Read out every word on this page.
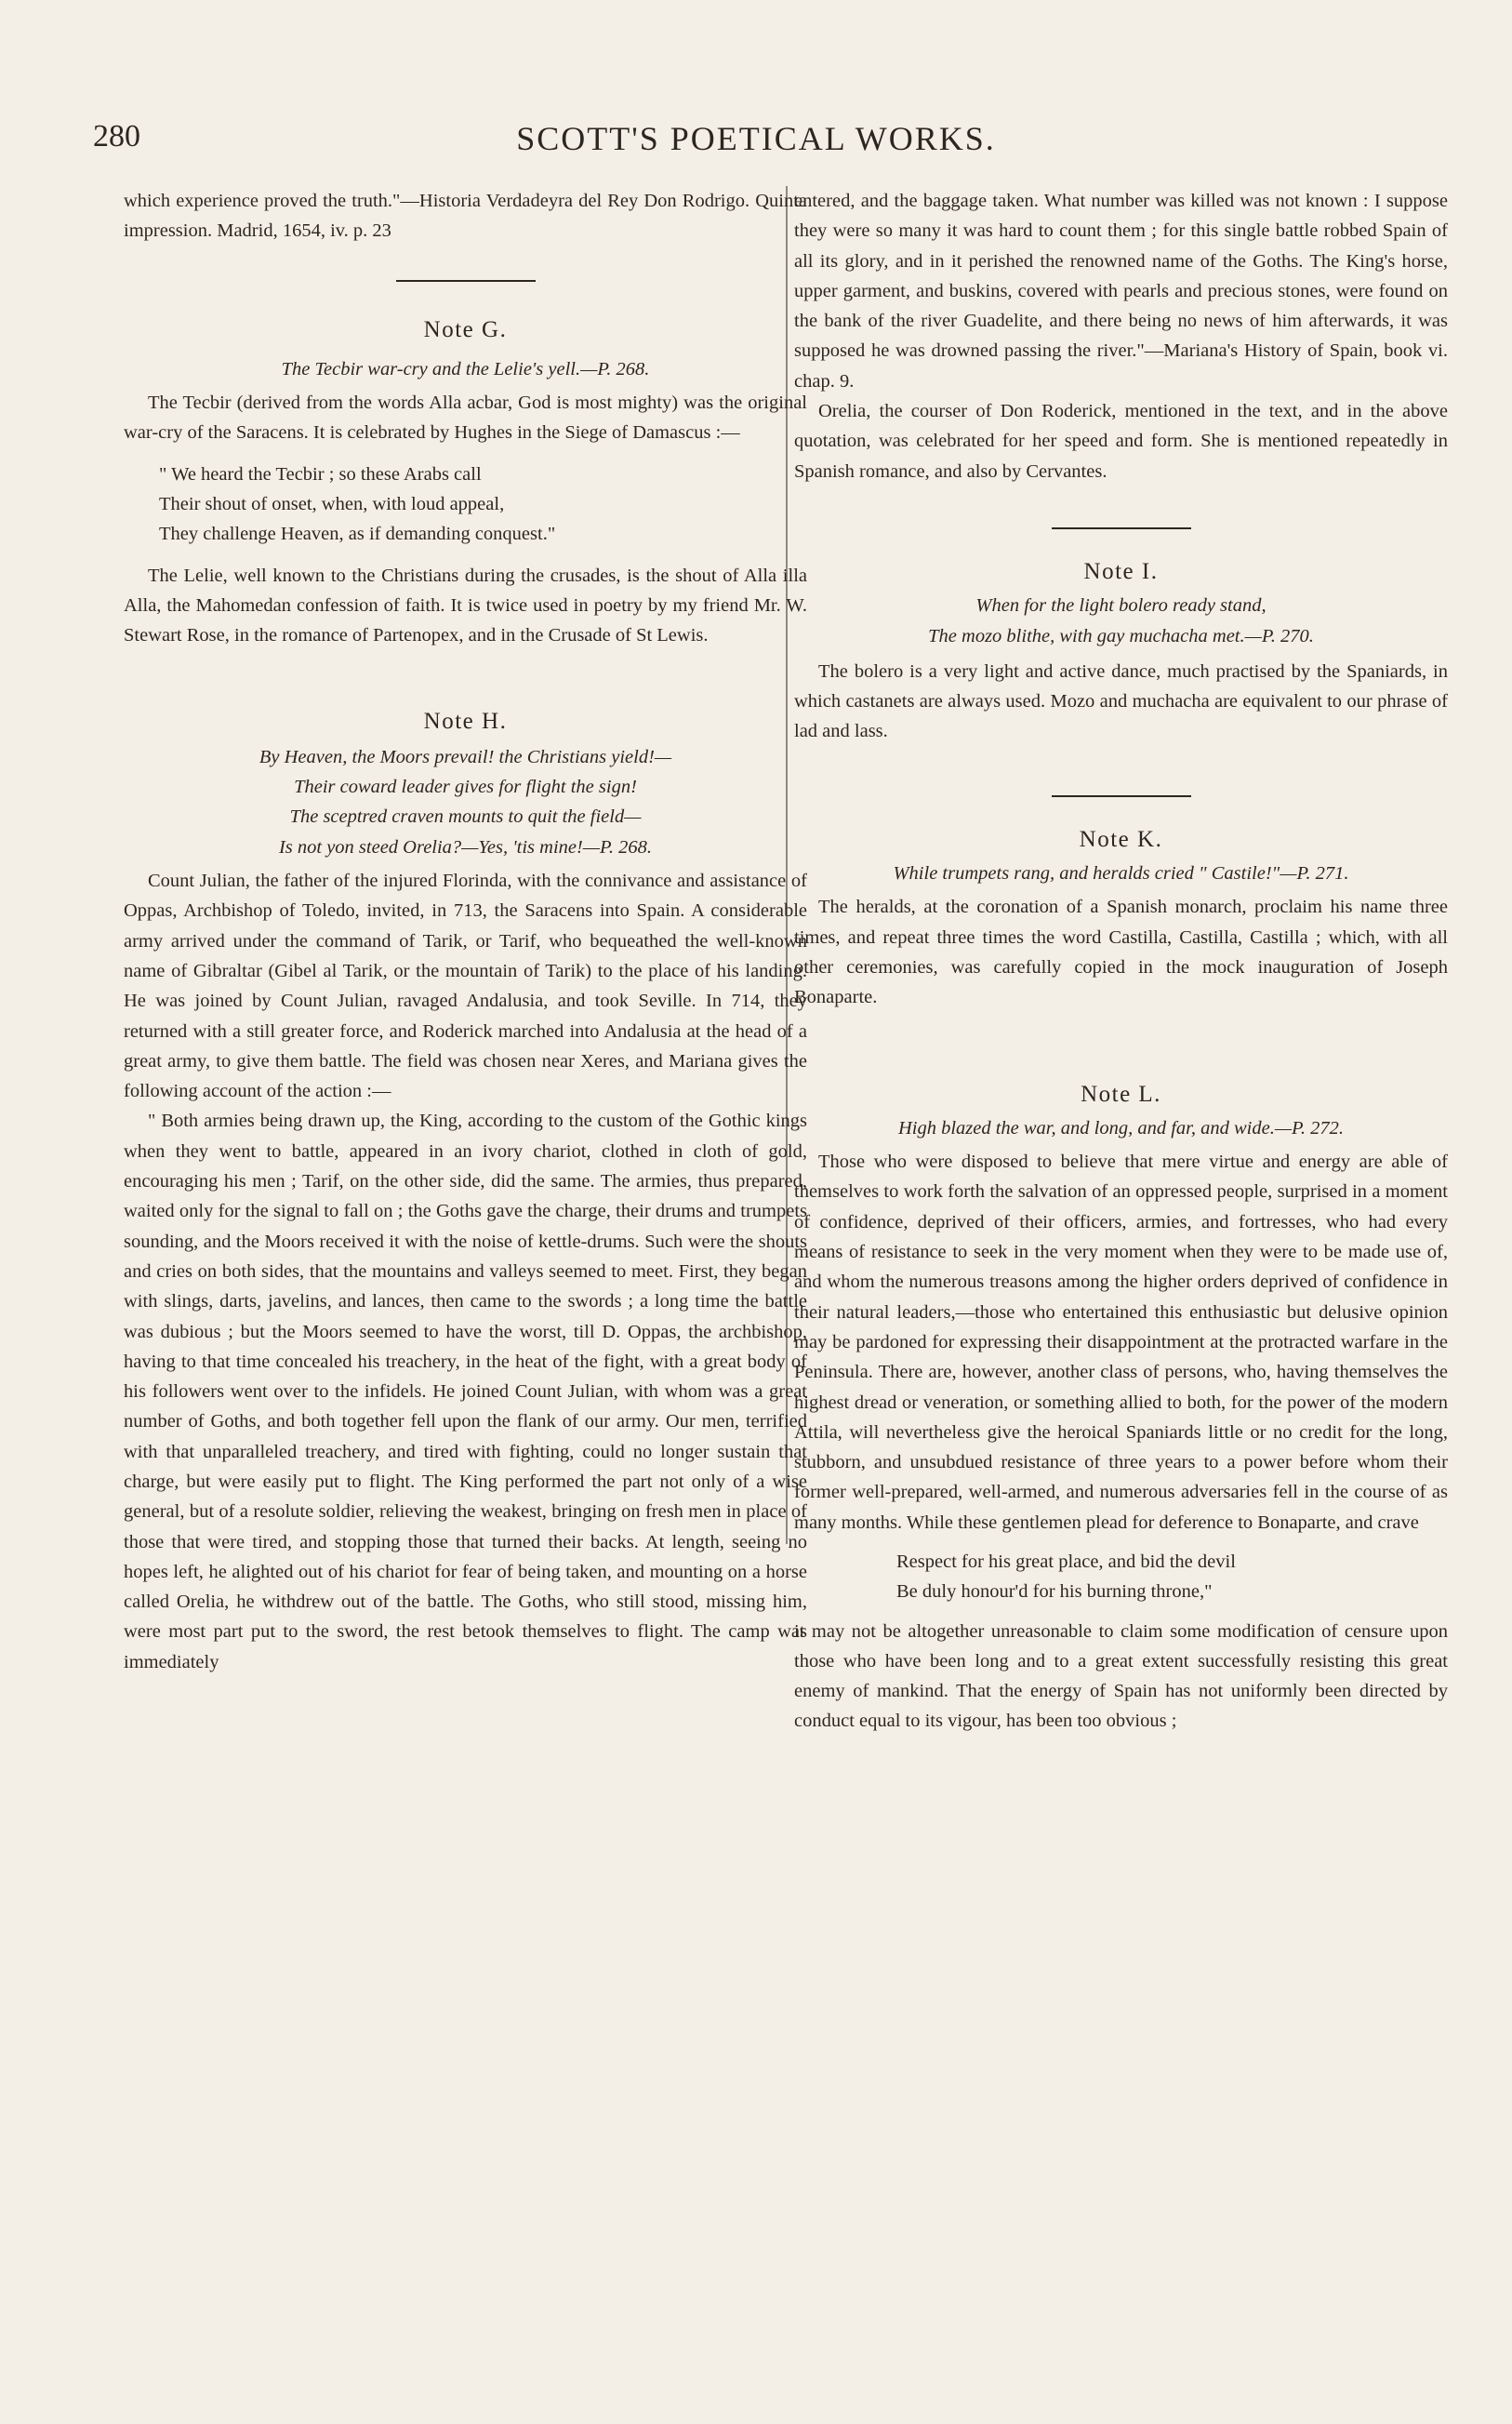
280	SCOTT'S POETICAL WORKS.

which experience proved the truth."—Historia Verdadeyra del Rey Don Rodrigo. Quinta impression. Madrid, 1654, iv. p. 23

Note G.

The Tecbir war-cry and the Lelie's yell.—P. 268.

The Tecbir (derived from the words Alla acbar, God is most mighty) was the original war-cry of the Saracens. It is celebrated by Hughes in the Siege of Damascus :—

" We heard the Tecbir ; so these Arabs call
Their shout of onset, when, with loud appeal,
They challenge Heaven, as if demanding conquest."

The Lelie, well known to the Christians during the crusades, is the shout of Alla illa Alla, the Mahomedan confession of faith. It is twice used in poetry by my friend Mr. W. Stewart Rose, in the romance of Partenopex, and in the Crusade of St Lewis.

Note H.

By Heaven, the Moors prevail! the Christians yield!—
Their coward leader gives for flight the sign!
The sceptred craven mounts to quit the field—
Is not yon steed Orelia?—Yes, 'tis mine!—P. 268.

Count Julian, the father of the injured Florinda, with the connivance and assistance of Oppas, Archbishop of Toledo, invited, in 713, the Saracens into Spain. A considerable army arrived under the command of Tarik, or Tarif, who bequeathed the well-known name of Gibraltar (Gibel al Tarik, or the mountain of Tarik) to the place of his landing. He was joined by Count Julian, ravaged Andalusia, and took Seville. In 714, they returned with a still greater force, and Roderick marched into Andalusia at the head of a great army, to give them battle. The field was chosen near Xeres, and Mariana gives the following account of the action :—

" Both armies being drawn up, the King, according to the custom of the Gothic kings when they went to battle, appeared in an ivory chariot, clothed in cloth of gold, encouraging his men ; Tarif, on the other side, did the same. The armies, thus prepared, waited only for the signal to fall on ; the Goths gave the charge, their drums and trumpets sounding, and the Moors received it with the noise of kettle-drums. Such were the shouts and cries on both sides, that the mountains and valleys seemed to meet. First, they began with slings, darts, javelins, and lances, then came to the swords ; a long time the battle was dubious ; but the Moors seemed to have the worst, till D. Oppas, the archbishop, having to that time concealed his treachery, in the heat of the fight, with a great body of his followers went over to the infidels. He joined Count Julian, with whom was a great number of Goths, and both together fell upon the flank of our army. Our men, terrified with that unparalleled treachery, and tired with fighting, could no longer sustain that charge, but were easily put to flight. The King performed the part not only of a wise general, but of a resolute soldier, relieving the weakest, bringing on fresh men in place of those that were tired, and stopping those that turned their backs. At length, seeing no hopes left, he alighted out of his chariot for fear of being taken, and mounting on a horse called Orelia, he withdrew out of the battle. The Goths, who still stood, missing him, were most part put to the sword, the rest betook themselves to flight. The camp was immediately

entered, and the baggage taken. What number was killed was not known : I suppose they were so many it was hard to count them ; for this single battle robbed Spain of all its glory, and in it perished the renowned name of the Goths. The King's horse, upper garment, and buskins, covered with pearls and precious stones, were found on the bank of the river Guadelite, and there being no news of him afterwards, it was supposed he was drowned passing the river."—Mariana's History of Spain, book vi. chap. 9.

Orelia, the courser of Don Roderick, mentioned in the text, and in the above quotation, was celebrated for her speed and form. She is mentioned repeatedly in Spanish romance, and also by Cervantes.

Note I.

When for the light bolero ready stand,
The mozo blithe, with gay muchacha met.—P. 270.

The bolero is a very light and active dance, much practised by the Spaniards, in which castanets are always used. Mozo and muchacha are equivalent to our phrase of lad and lass.

Note K.

While trumpets rang, and heralds cried " Castile!"—P. 271.

The heralds, at the coronation of a Spanish monarch, proclaim his name three times, and repeat three times the word Castilla, Castilla, Castilla ; which, with all other ceremonies, was carefully copied in the mock inauguration of Joseph Bonaparte.

Note L.

High blazed the war, and long, and far, and wide.—P. 272.

Those who were disposed to believe that mere virtue and energy are able of themselves to work forth the salvation of an oppressed people, surprised in a moment of confidence, deprived of their officers, armies, and fortresses, who had every means of resistance to seek in the very moment when they were to be made use of, and whom the numerous treasons among the higher orders deprived of confidence in their natural leaders,—those who entertained this enthusiastic but delusive opinion may be pardoned for expressing their disappointment at the protracted warfare in the Peninsula. There are, however, another class of persons, who, having themselves the highest dread or veneration, or something allied to both, for the power of the modern Attila, will nevertheless give the heroical Spaniards little or no credit for the long, stubborn, and unsubdued resistance of three years to a power before whom their former well-prepared, well-armed, and numerous adversaries fell in the course of as many months. While these gentlemen plead for deference to Bonaparte, and crave

Respect for his great place, and bid the devil
Be duly honour'd for his burning throne,"

it may not be altogether unreasonable to claim some modification of censure upon those who have been long and to a great extent successfully resisting this great enemy of mankind. That the energy of Spain has not uniformly been directed by conduct equal to its vigour, has been too obvious ;
